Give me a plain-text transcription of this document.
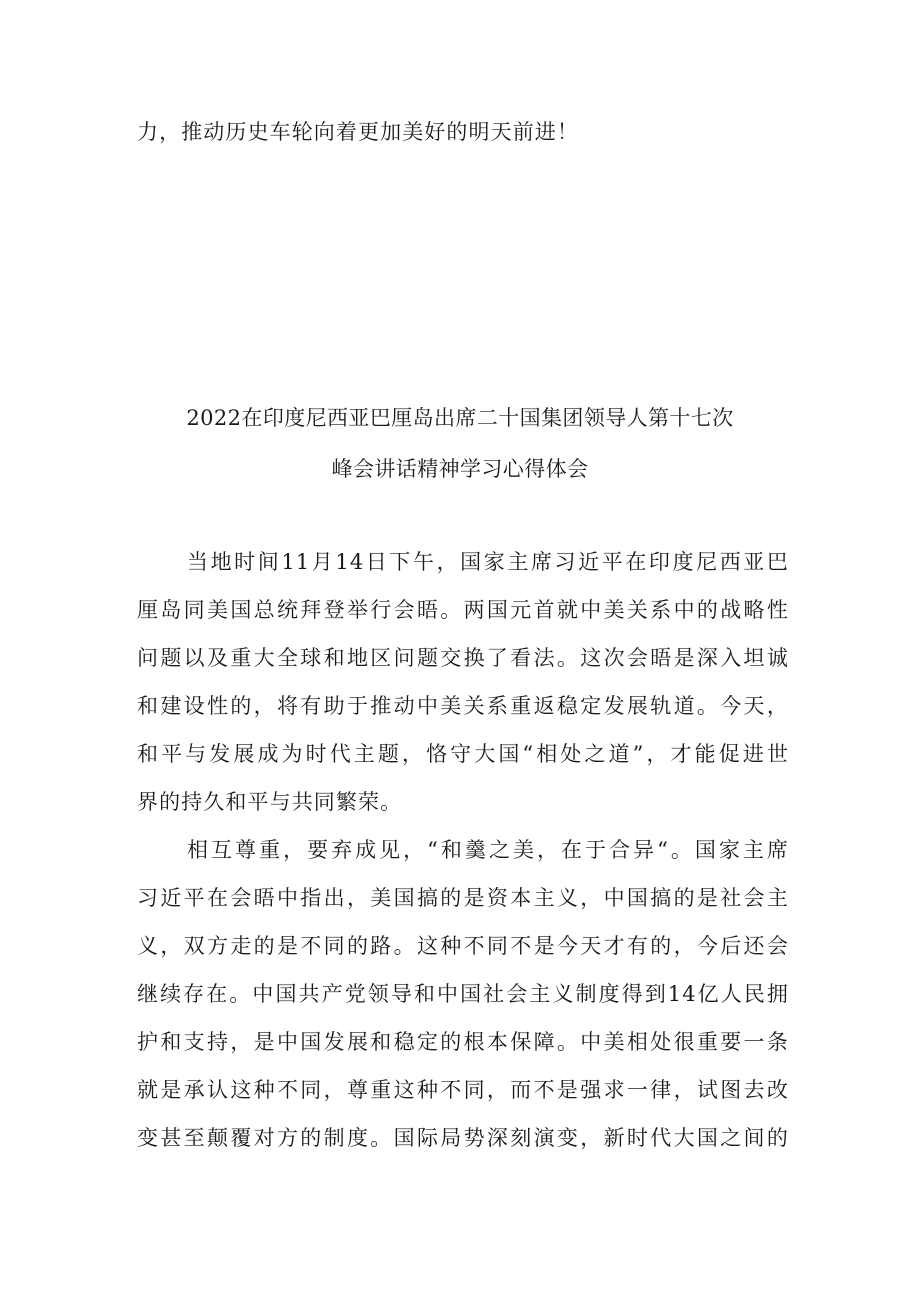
力，推动历史车轮向着更加美好的明天前进！
2022在印度尼西亚巴厘岛出席二十国集团领导人第十七次
峰会讲话精神学习心得体会
当地时间11月14日下午，国家主席习近平在印度尼西亚巴
厘岛同美国总统拜登举行会晤。两国元首就中美关系中的战略性
问题以及重大全球和地区问题交换了看法。这次会晤是深入坦诚
和建设性的，将有助于推动中美关系重返稳定发展轨道。今天，
和平与发展成为时代主题，恪守大国“相处之道”，才能促进世
界的持久和平与共同繁荣。
相互尊重，要弃成见，“和羹之美，在于合异“。国家主席
习近平在会晤中指出，美国搞的是资本主义，中国搞的是社会主
义，双方走的是不同的路。这种不同不是今天才有的，今后还会
继续存在。中国共产党领导和中国社会主义制度得到14亿人民拥
护和支持，是中国发展和稳定的根本保障。中美相处很重要一条
就是承认这种不同，尊重这种不同，而不是强求一律，试图去改
变甚至颠覆对方的制度。国际局势深刻演变，新时代大国之间的
